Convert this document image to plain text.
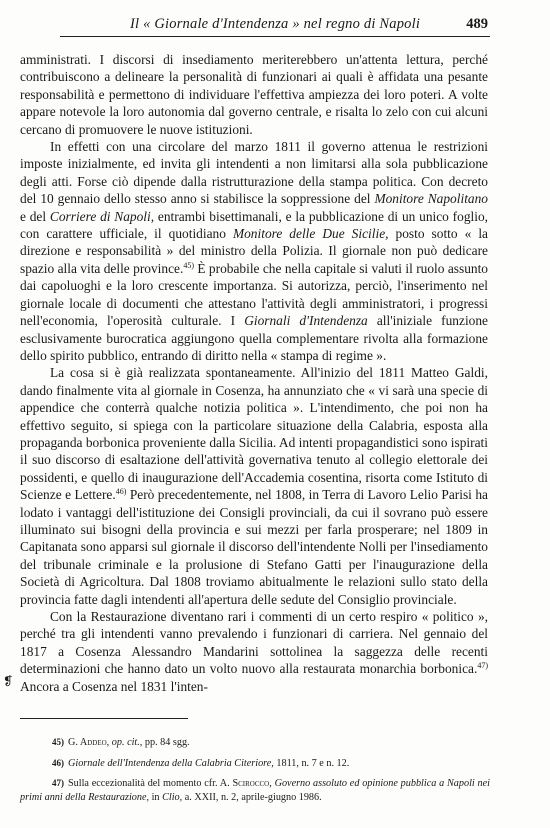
Il « Giornale d'Intendenza » nel regno di Napoli	489

amministrati. I discorsi di insediamento meriterebbero un'attenta lettura, perché contribuiscono a delineare la personalità di funzionari ai quali è affidata una pesante responsabilità e permettono di individuare l'effettiva ampiezza dei loro poteri. A volte appare notevole la loro autonomia dal governo centrale, e risalta lo zelo con cui alcuni cercano di promuovere le nuove istituzioni.

In effetti con una circolare del marzo 1811 il governo attenua le restrizioni imposte inizialmente, ed invita gli intendenti a non limitarsi alla sola pubblicazione degli atti. Forse ciò dipende dalla ristrutturazione della stampa politica. Con decreto del 10 gennaio dello stesso anno si stabilisce la soppressione del Monitore Napolitano e del Corriere di Napoli, entrambi bisettimanali, e la pubblicazione di un unico foglio, con carattere ufficiale, il quotidiano Monitore delle Due Sicilie, posto sotto « la direzione e responsabilità » del ministro della Polizia. Il giornale non può dedicare spazio alla vita delle province.$^{45)}$ È probabile che nella capitale si valuti il ruolo assunto dai capoluoghi e la loro crescente importanza. Si autorizza, perciò, l'inserimento nel giornale locale di documenti che attestano l'attività degli amministratori, i progressi nell'economia, l'operosità culturale. I Giornali d'Intendenza all'iniziale funzione esclusivamente burocratica aggiungono quella complementare rivolta alla formazione dello spirito pubblico, entrando di diritto nella « stampa di regime ».

La cosa si è già realizzata spontaneamente. All'inizio del 1811 Matteo Galdi, dando finalmente vita al giornale in Cosenza, ha annunziato che « vi sarà una specie di appendice che conterrà qualche notizia politica ». L'intendimento, che poi non ha effettivo seguito, si spiega con la particolare situazione della Calabria, esposta alla propaganda borbonica proveniente dalla Sicilia. Ad intenti propagandistici sono ispirati il suo discorso di esaltazione dell'attività governativa tenuto al collegio elettorale dei possidenti, e quello di inaugurazione dell'Accademia cosentina, risorta come Istituto di Scienze e Lettere.$^{46)}$ Però precedentemente, nel 1808, in Terra di Lavoro Lelio Parisi ha lodato i vantaggi dell'istituzione dei Consigli provinciali, da cui il sovrano può essere illuminato sui bisogni della provincia e sui mezzi per farla prosperare; nel 1809 in Capitanata sono apparsi sul giornale il discorso dell'intendente Nolli per l'insediamento del tribunale criminale e la prolusione di Stefano Gatti per l'inaugurazione della Società di Agricoltura. Dal 1808 troviamo abitualmente le relazioni sullo stato della provincia fatte dagli intendenti all'apertura delle sedute del Consiglio provinciale.

Con la Restaurazione diventano rari i commenti di un certo respiro « politico », perché tra gli intendenti vanno prevalendo i funzionari di carriera. Nel gennaio del 1817 a Cosenza Alessandro Mandarini sottolinea la saggezza delle recenti determinazioni che hanno dato un volto nuovo alla restaurata monarchia borbonica.$^{47)}$ Ancora a Cosenza nel 1831 l'inten-

❡

45) G. Addeo, op. cit., pp. 84 sgg.

46) Giornale dell'Intendenza della Calabria Citeriore, 1811, n. 7 e n. 12.

47) Sulla eccezionalità del momento cfr. A. Scirocco, Governo assoluto ed opinione pubblica a Napoli nei primi anni della Restaurazione, in Clio, a. XXII, n. 2, aprile-giugno 1986.
